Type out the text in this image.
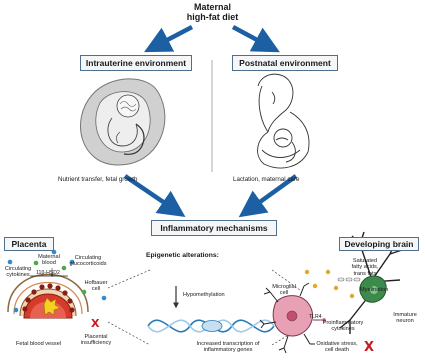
Maternal
high-fat diet
Intrauterine environment	Postnatal environment
Nutrient transfer, fetal growth	Lactation, maternal care
Inflammatory mechanisms
Placenta
Maternal
blood
Circulating
cytokines
Circulating
glucocorticoids
11β-HSD2
Hofbauer
cell
Fetal blood vessel
X
Placental
insufficiency
Epigenetic alterations:
Hypomethylation
Increased transcription of
inflammatory genes
Developing brain
Saturated
fatty acids,
trans fats
Microglial
cell
TLR4
Myelination
Immature
neuron
Proinflammatory
cytokines
Oxidative stress,
cell death	X
